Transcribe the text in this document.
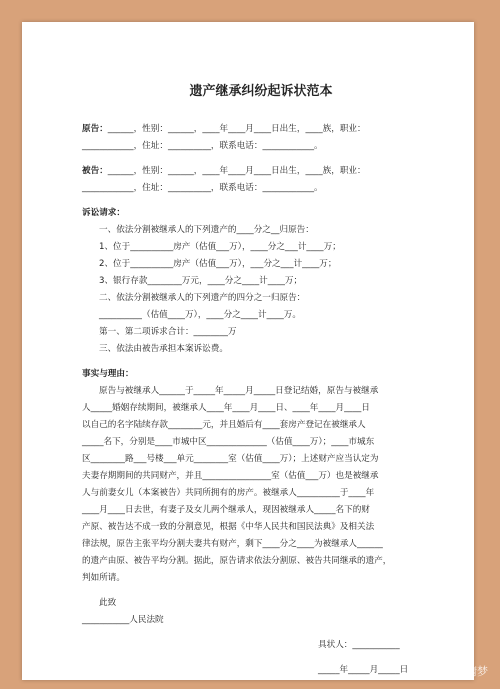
遗产继承纠纷起诉状范本
原告：______，性别：______，____年____月____日出生，____族，职业：
____________，住址：__________，联系电话：____________。
被告：______，性别：______，____年____月____日出生，____族，职业：
____________，住址：__________，联系电话：____________。
诉讼请求：
一、依法分割被继承人的下列遗产的____分之__归原告：
1、位于__________房产（估值___万），____分之___计____万；
2、位于__________房产（估值___万），___分之___计____万；
3、银行存款________万元，____分之____计____万；
二、依法分割被继承人的下列遗产的四分之一归原告：
__________（估值____万），____分之____计____万。
第一、第二项诉求合计：________万
三、依法由被告承担本案诉讼费。
事实与理由：
原告与被继承人______于_____年_____月_____日登记结婚，原告与被继承
人_____婚姻存续期间，被继承人____年____月____日、____年____月____日
以自己的名字陆续存款________元，并且婚后有____套房产登记在被继承人
_____名下，分别是____市城中区______________（估值____万）；____市城东
区________路___号楼___单元________室（估值____万）；上述财产应当认定为
夫妻存期期间的共同财产，并且________________室（估值___万）也是被继承
人与前妻女儿（本案被告）共同所拥有的房产。被继承人__________于____年
____月____日去世，有妻子及女儿两个继承人，现因被继承人_____名下的财
产原、被告达不成一致的分割意见，根据《中华人民共和国民法典》及相关法
律法规，原告主张平均分割夫妻共有财产，剩下____分之____为被继承人______
的遗产由原、被告平均分割。据此，原告请求依法分割原、被告共同继承的遗产，
判如所请。
此致
___________人民法院
具状人：___________
_____年_____月_____日	什么是情梦
